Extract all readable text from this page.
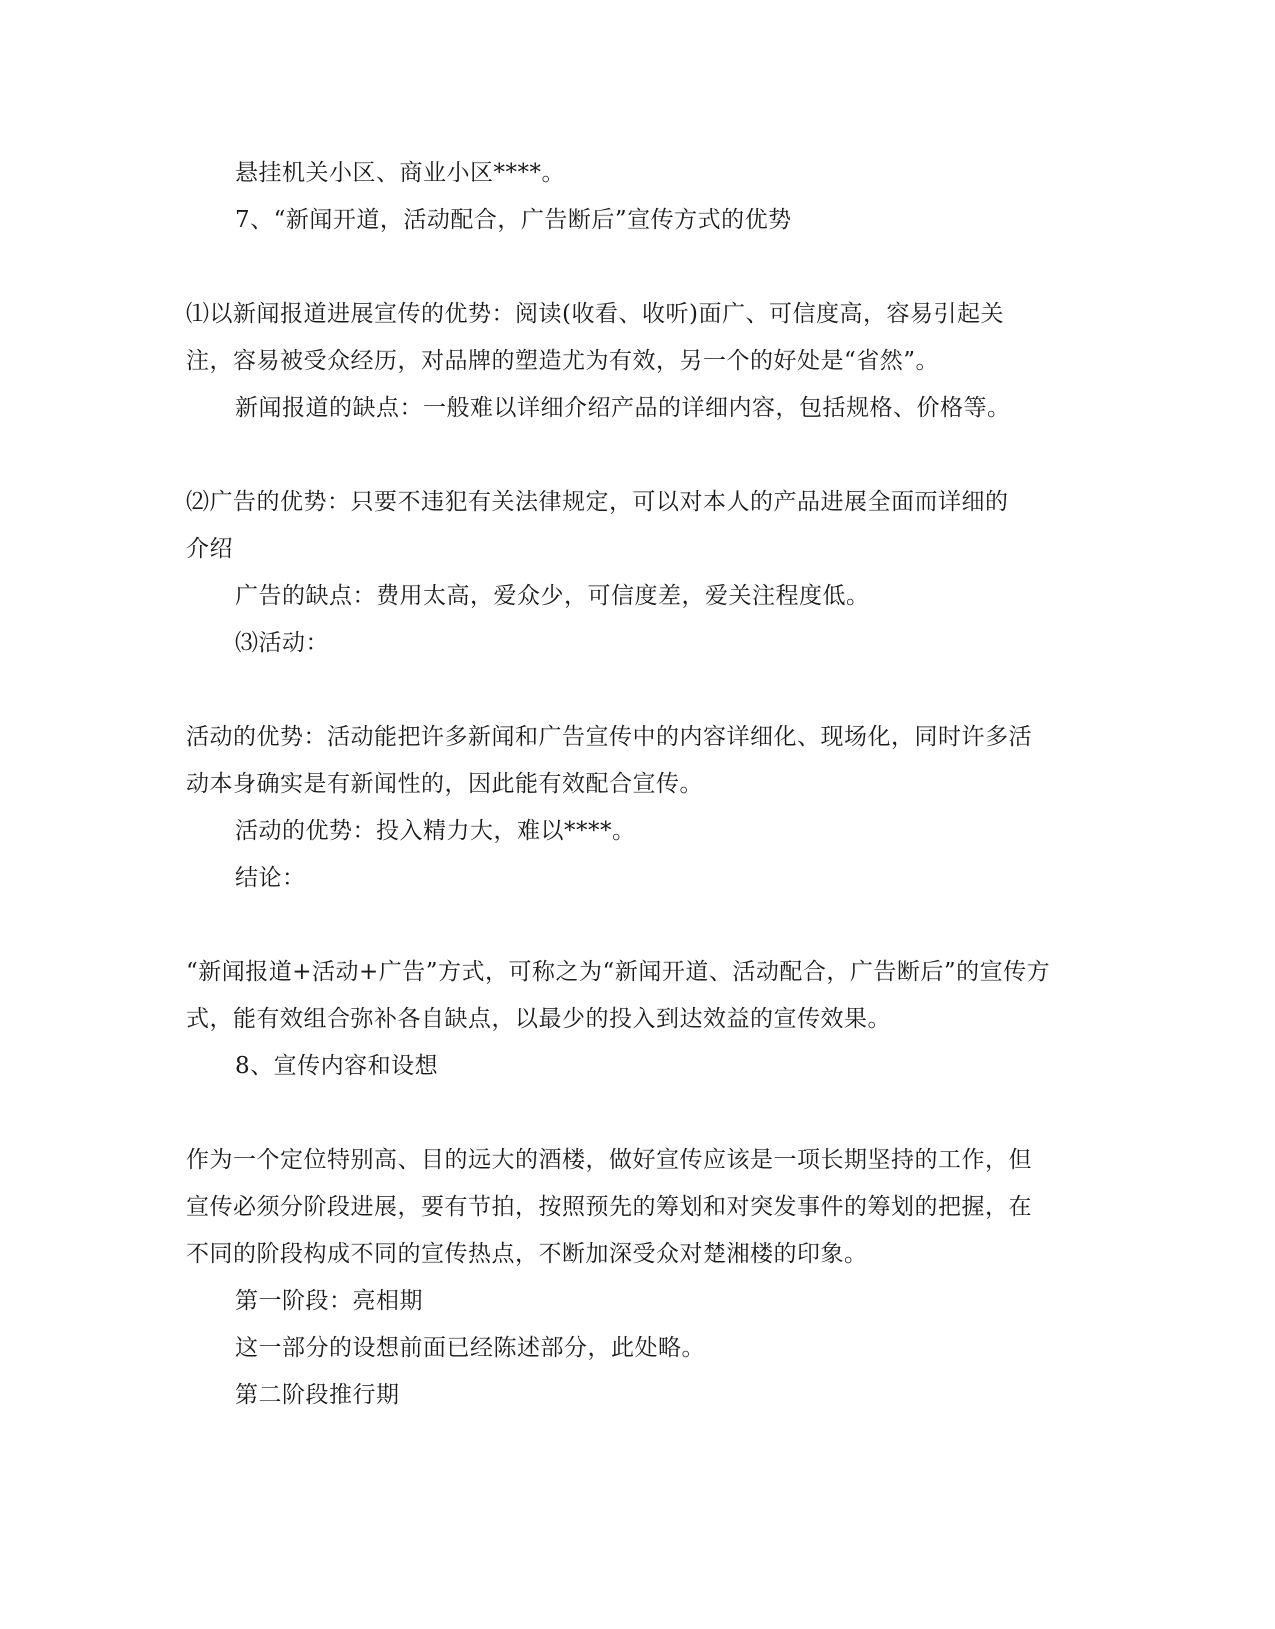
悬挂机关小区、商业小区****。
7、“新闻开道，活动配合，广告断后”宣传方式的优势
⑴以新闻报道进展宣传的优势：阅读(收看、收听)面广、可信度高，容易引起关
注，容易被受众经历，对品牌的塑造尤为有效，另一个的好处是“省然”。
新闻报道的缺点：一般难以详细介绍产品的详细内容，包括规格、价格等。
⑵广告的优势：只要不违犯有关法律规定，可以对本人的产品进展全面而详细的
介绍
广告的缺点：费用太高，爱众少，可信度差，爱关注程度低。
⑶活动：
活动的优势：活动能把许多新闻和广告宣传中的内容详细化、现场化，同时许多活
动本身确实是有新闻性的，因此能有效配合宣传。
活动的优势：投入精力大，难以****。
结论：
“新闻报道+活动+广告”方式，可称之为“新闻开道、活动配合，广告断后”的宣传方
式，能有效组合弥补各自缺点，以最少的投入到达效益的宣传效果。
8、宣传内容和设想
作为一个定位特别高、目的远大的酒楼，做好宣传应该是一项长期坚持的工作，但
宣传必须分阶段进展，要有节拍，按照预先的筹划和对突发事件的筹划的把握，在
不同的阶段构成不同的宣传热点，不断加深受众对楚湘楼的印象。
第一阶段：亮相期
这一部分的设想前面已经陈述部分，此处略。
第二阶段推行期
